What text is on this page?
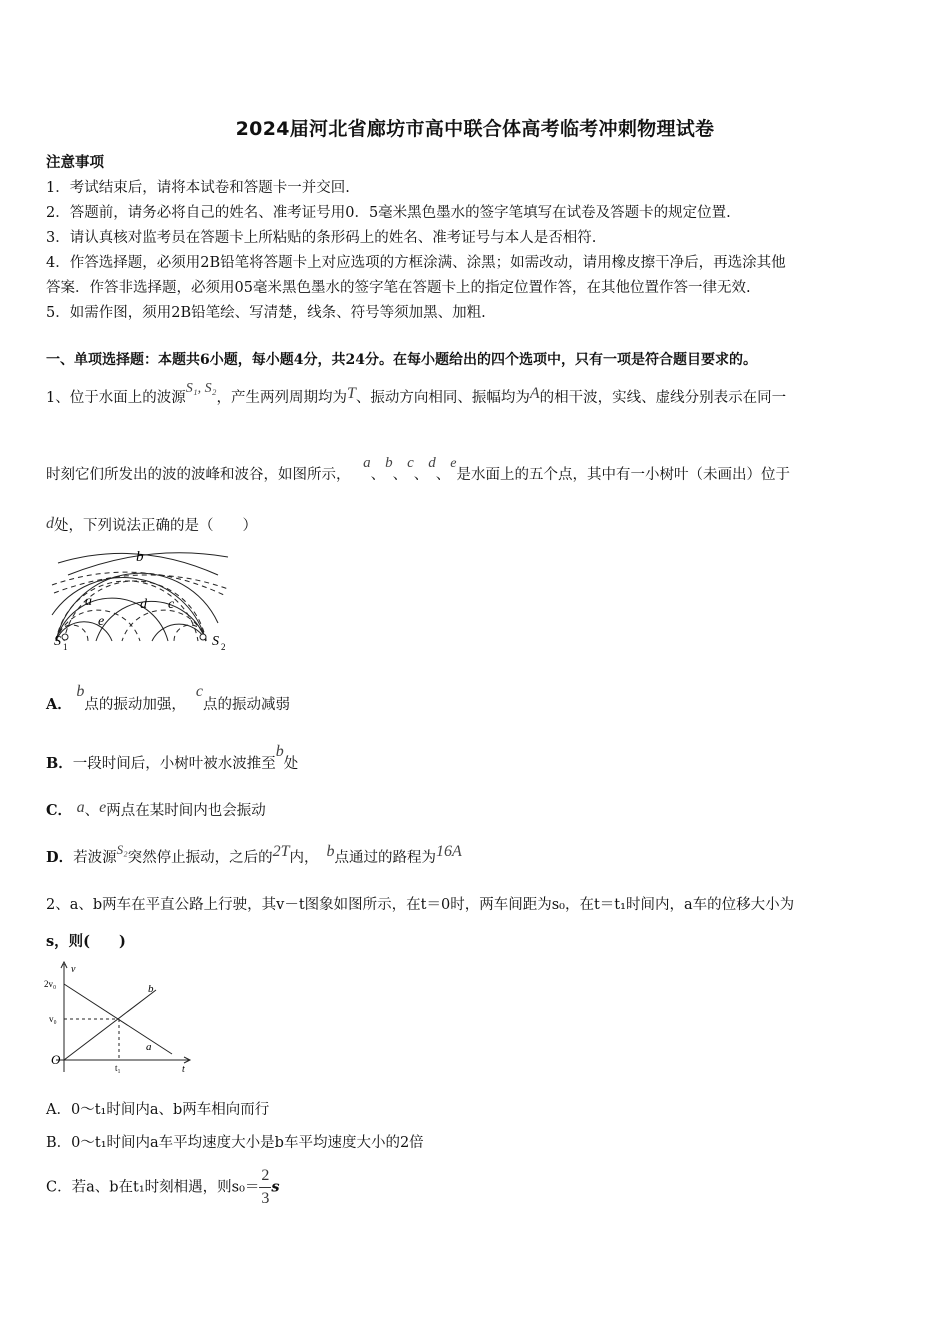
2024届河北省廊坊市高中联合体高考临考冲刺物理试卷
注意事项
1．考试结束后，请将本试卷和答题卡一并交回.
2．答题前，请务必将自己的姓名、准考证号用0．5毫米黑色墨水的签字笔填写在试卷及答题卡的规定位置.
3．请认真核对监考员在答题卡上所粘贴的条形码上的姓名、准考证号与本人是否相符.
4．作答选择题，必须用2B铅笔将答题卡上对应选项的方框涂满、涂黑；如需改动，请用橡皮擦干净后，再选涂其他
答案．作答非选择题，必须用05毫米黑色墨水的签字笔在答题卡上的指定位置作答，在其他位置作答一律无效.
5．如需作图，须用2B铅笔绘、写清楚，线条、符号等须加黑、加粗.
一、单项选择题：本题共6小题，每小题4分，共24分。在每小题给出的四个选项中，只有一项是符合题目要求的。
1、位于水面上的波源S₁, S₂，产生两列周期均为T、振动方向相同、振幅均为A的相干波，实线、虚线分别表示在同一
时刻它们所发出的波的波峰和波谷，如图所示， a、b、c、d、e是水面上的五个点，其中有一小树叶（未画出）位于
d处，下列说法正确的是（　　）
b
a	d c
e
S 1	S 2
A． b点的振动加强，c点的振动减弱
B．一段时间后，小树叶被水波推至b处
C． a、e两点在某时间内也会振动
D．若波源S₂突然停止振动，之后的2T内， b点通过的路程为16A
2、a、b两车在平直公路上行驶，其v－t图象如图所示，在t＝0时，两车间距为s₀，在t＝t₁时间内，a车的位移大小为
s，则(　　)
v
t
O
2v₀
v₀
t₁
a
b
A．0～t₁时间内a、b两车相向而行
B．0～t₁时间内a车平均速度大小是b车平均速度大小的2倍
C．若a、b在t₁时刻相遇，则$s_0= \frac{2}{3}$ s
